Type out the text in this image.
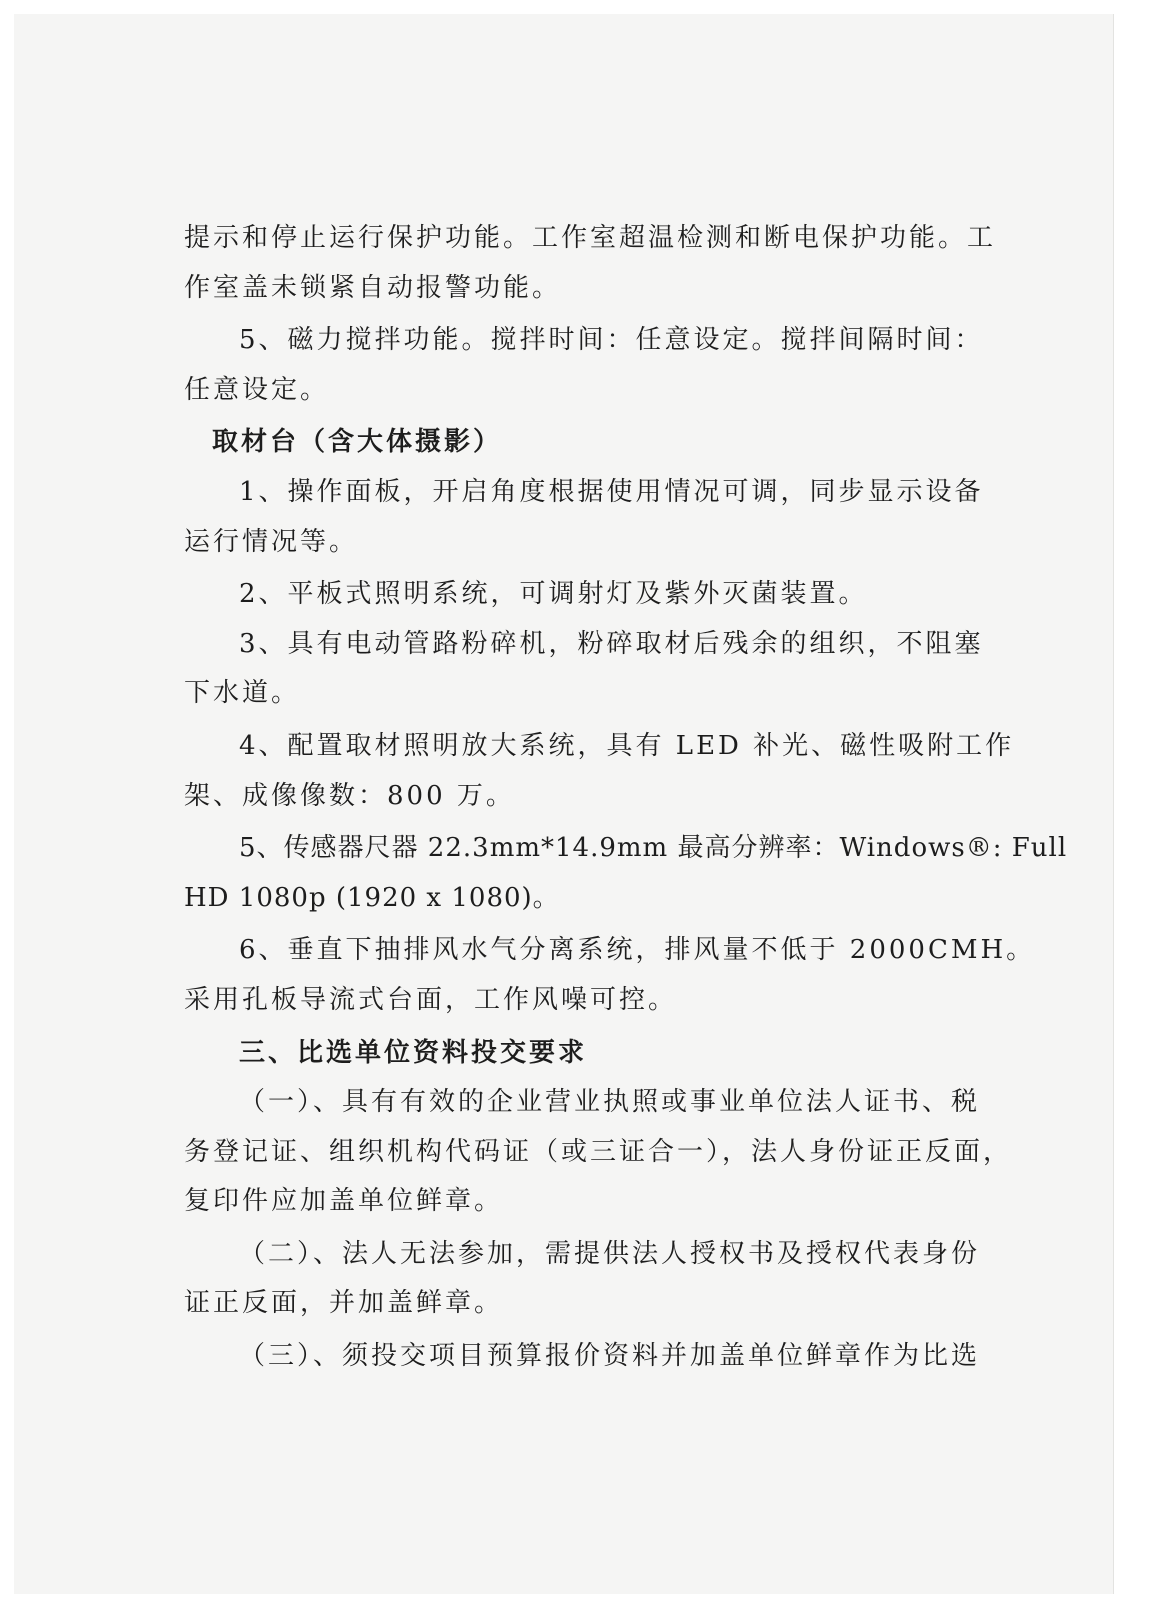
提示和停止运行保护功能。工作室超温检测和断电保护功能。工
作室盖未锁紧自动报警功能。
5、磁力搅拌功能。搅拌时间：任意设定。搅拌间隔时间：
任意设定。
取材台（含大体摄影）
1、操作面板，开启角度根据使用情况可调，同步显示设备
运行情况等。
2、平板式照明系统，可调射灯及紫外灭菌装置。
3、具有电动管路粉碎机，粉碎取材后残余的组织，不阻塞
下水道。
4、配置取材照明放大系统，具有 LED 补光、磁性吸附工作
架、成像像数：800 万。
5、传感器尺器 22.3mm*14.9mm 最高分辨率：Windows®: Full
HD 1080p (1920 x 1080)。
6、垂直下抽排风水气分离系统，排风量不低于 2000CMH。
采用孔板导流式台面，工作风噪可控。
三、比选单位资料投交要求
（一）、具有有效的企业营业执照或事业单位法人证书、税
务登记证、组织机构代码证（或三证合一），法人身份证正反面，
复印件应加盖单位鲜章。
（二）、法人无法参加，需提供法人授权书及授权代表身份
证正反面，并加盖鲜章。
（三）、须投交项目预算报价资料并加盖单位鲜章作为比选
